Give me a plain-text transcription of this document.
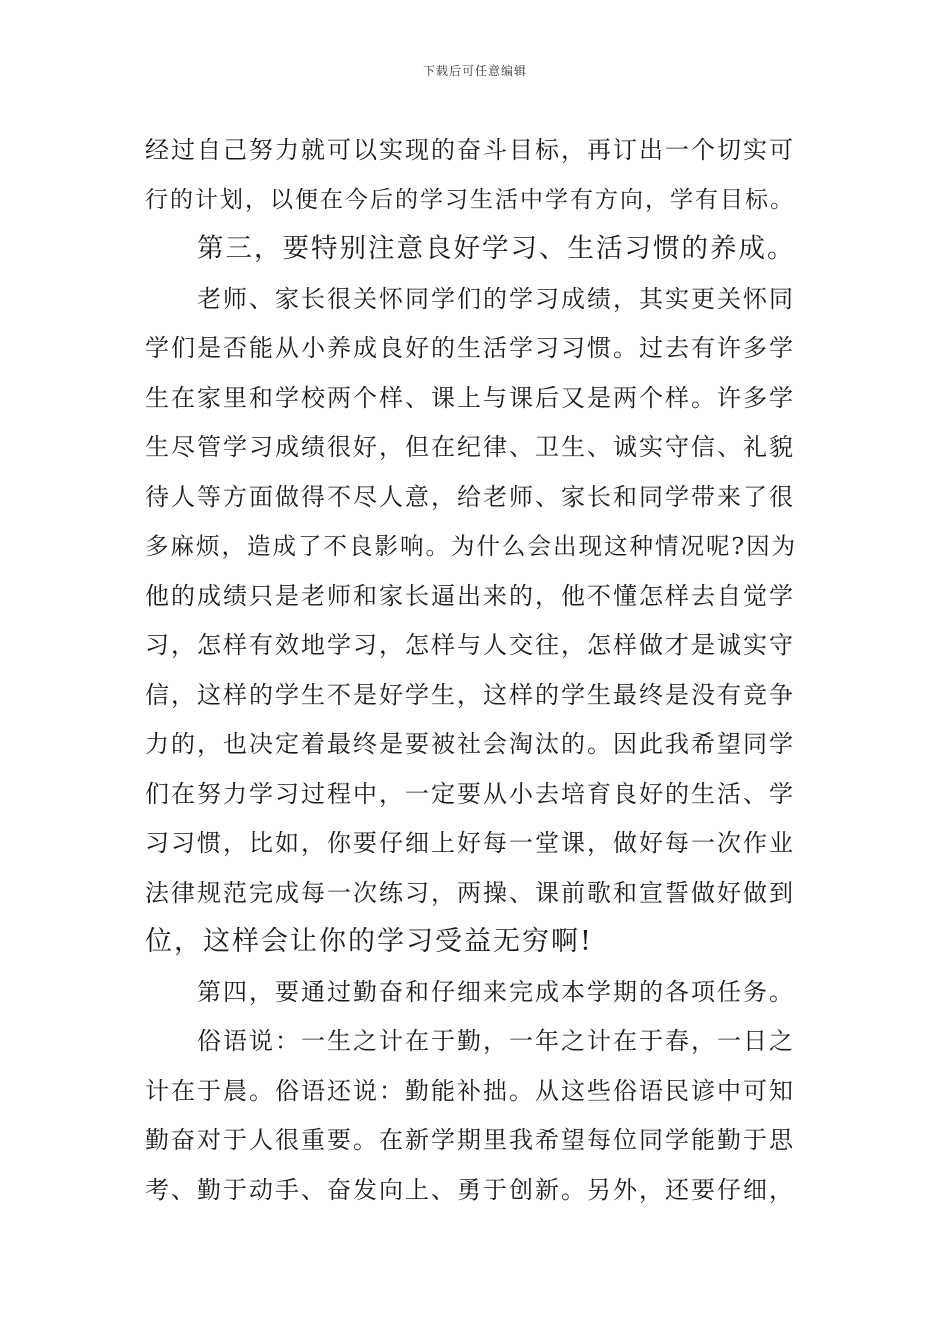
下载后可任意编辑
经过自己努力就可以实现的奋斗目标，再订出一个切实可
行的计划，以便在今后的学习生活中学有方向，学有目标。
第三，要特别注意良好学习、生活习惯的养成。
老师、家长很关怀同学们的学习成绩，其实更关怀同
学们是否能从小养成良好的生活学习习惯。过去有许多学
生在家里和学校两个样、课上与课后又是两个样。许多学
生尽管学习成绩很好，但在纪律、卫生、诚实守信、礼貌
待人等方面做得不尽人意，给老师、家长和同学带来了很
多麻烦，造成了不良影响。为什么会出现这种情况呢?因为
他的成绩只是老师和家长逼出来的，他不懂怎样去自觉学
习，怎样有效地学习，怎样与人交往，怎样做才是诚实守
信，这样的学生不是好学生，这样的学生最终是没有竞争
力的，也决定着最终是要被社会淘汰的。因此我希望同学
们在努力学习过程中，一定要从小去培育良好的生活、学
习习惯，比如，你要仔细上好每一堂课，做好每一次作业
法律规范完成每一次练习，两操、课前歌和宣誓做好做到
位，这样会让你的学习受益无穷啊!
第四，要通过勤奋和仔细来完成本学期的各项任务。
俗语说：一生之计在于勤，一年之计在于春，一日之
计在于晨。俗语还说：勤能补拙。从这些俗语民谚中可知
勤奋对于人很重要。在新学期里我希望每位同学能勤于思
考、勤于动手、奋发向上、勇于创新。另外，还要仔细，
